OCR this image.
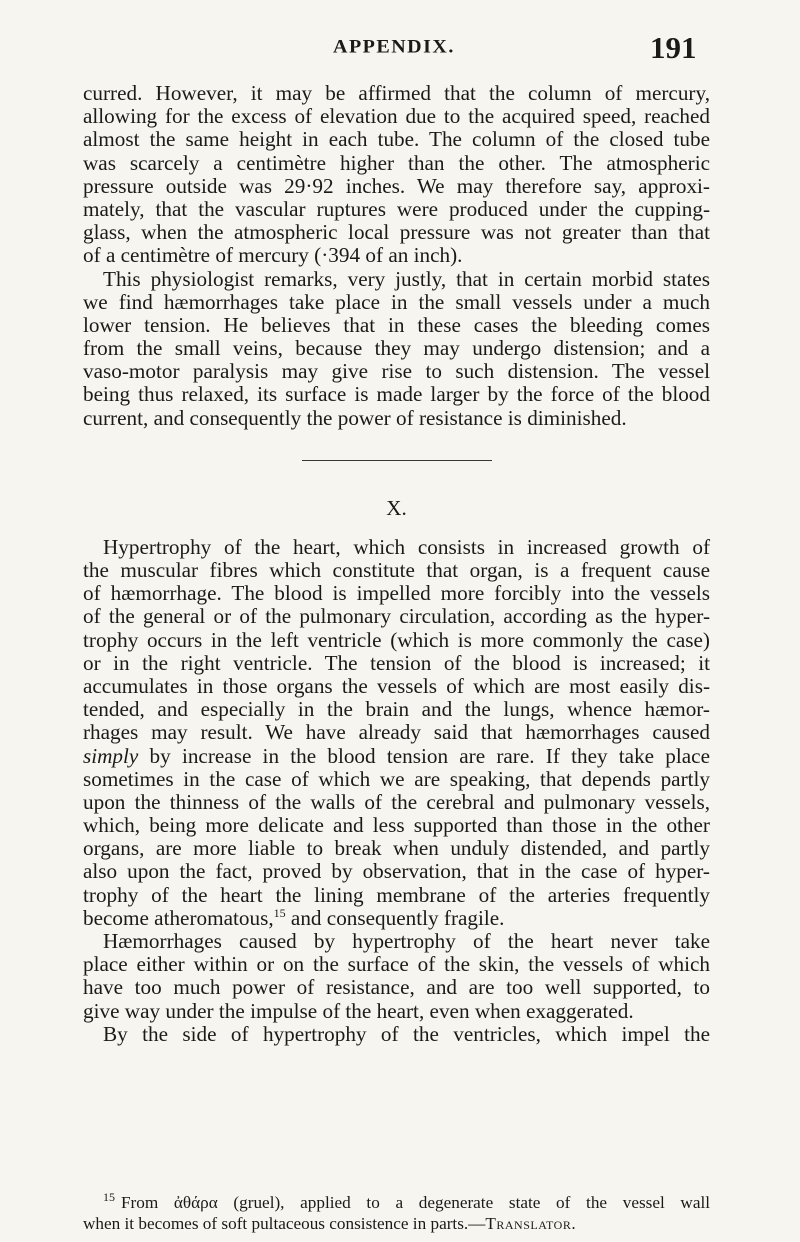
APPENDIX.	191
curred. However, it may be affirmed that the column of mercury,
allowing for the excess of elevation due to the acquired speed, reached
almost the same height in each tube. The column of the closed tube
was scarcely a centimètre higher than the other. The atmospheric
pressure outside was 29·92 inches. We may therefore say, approxi-
mately, that the vascular ruptures were produced under the cupping-
glass, when the atmospheric local pressure was not greater than that
of a centimètre of mercury (·394 of an inch).
This physiologist remarks, very justly, that in certain morbid states
we find hæmorrhages take place in the small vessels under a much
lower tension. He believes that in these cases the bleeding comes
from the small veins, because they may undergo distension; and a
vaso-motor paralysis may give rise to such distension. The vessel
being thus relaxed, its surface is made larger by the force of the blood
current, and consequently the power of resistance is diminished.
X.
Hypertrophy of the heart, which consists in increased growth of
the muscular fibres which constitute that organ, is a frequent cause
of hæmorrhage. The blood is impelled more forcibly into the vessels
of the general or of the pulmonary circulation, according as the hyper-
trophy occurs in the left ventricle (which is more commonly the case)
or in the right ventricle. The tension of the blood is increased; it
accumulates in those organs the vessels of which are most easily dis-
tended, and especially in the brain and the lungs, whence hæmor-
rhages may result. We have already said that hæmorrhages caused
simply by increase in the blood tension are rare. If they take place
sometimes in the case of which we are speaking, that depends partly
upon the thinness of the walls of the cerebral and pulmonary vessels,
which, being more delicate and less supported than those in the other
organs, are more liable to break when unduly distended, and partly
also upon the fact, proved by observation, that in the case of hyper-
trophy of the heart the lining membrane of the arteries frequently
become atheromatous,$^{15}$ and consequently fragile.
Hæmorrhages caused by hypertrophy of the heart never take
place either within or on the surface of the skin, the vessels of which
have too much power of resistance, and are too well supported, to
give way under the impulse of the heart, even when exaggerated.
By the side of hypertrophy of the ventricles, which impel the
$^{15}$ From ἀθάρα (gruel), applied to a degenerate state of the vessel wall
when it becomes of soft pultaceous consistence in parts.—Translator.
